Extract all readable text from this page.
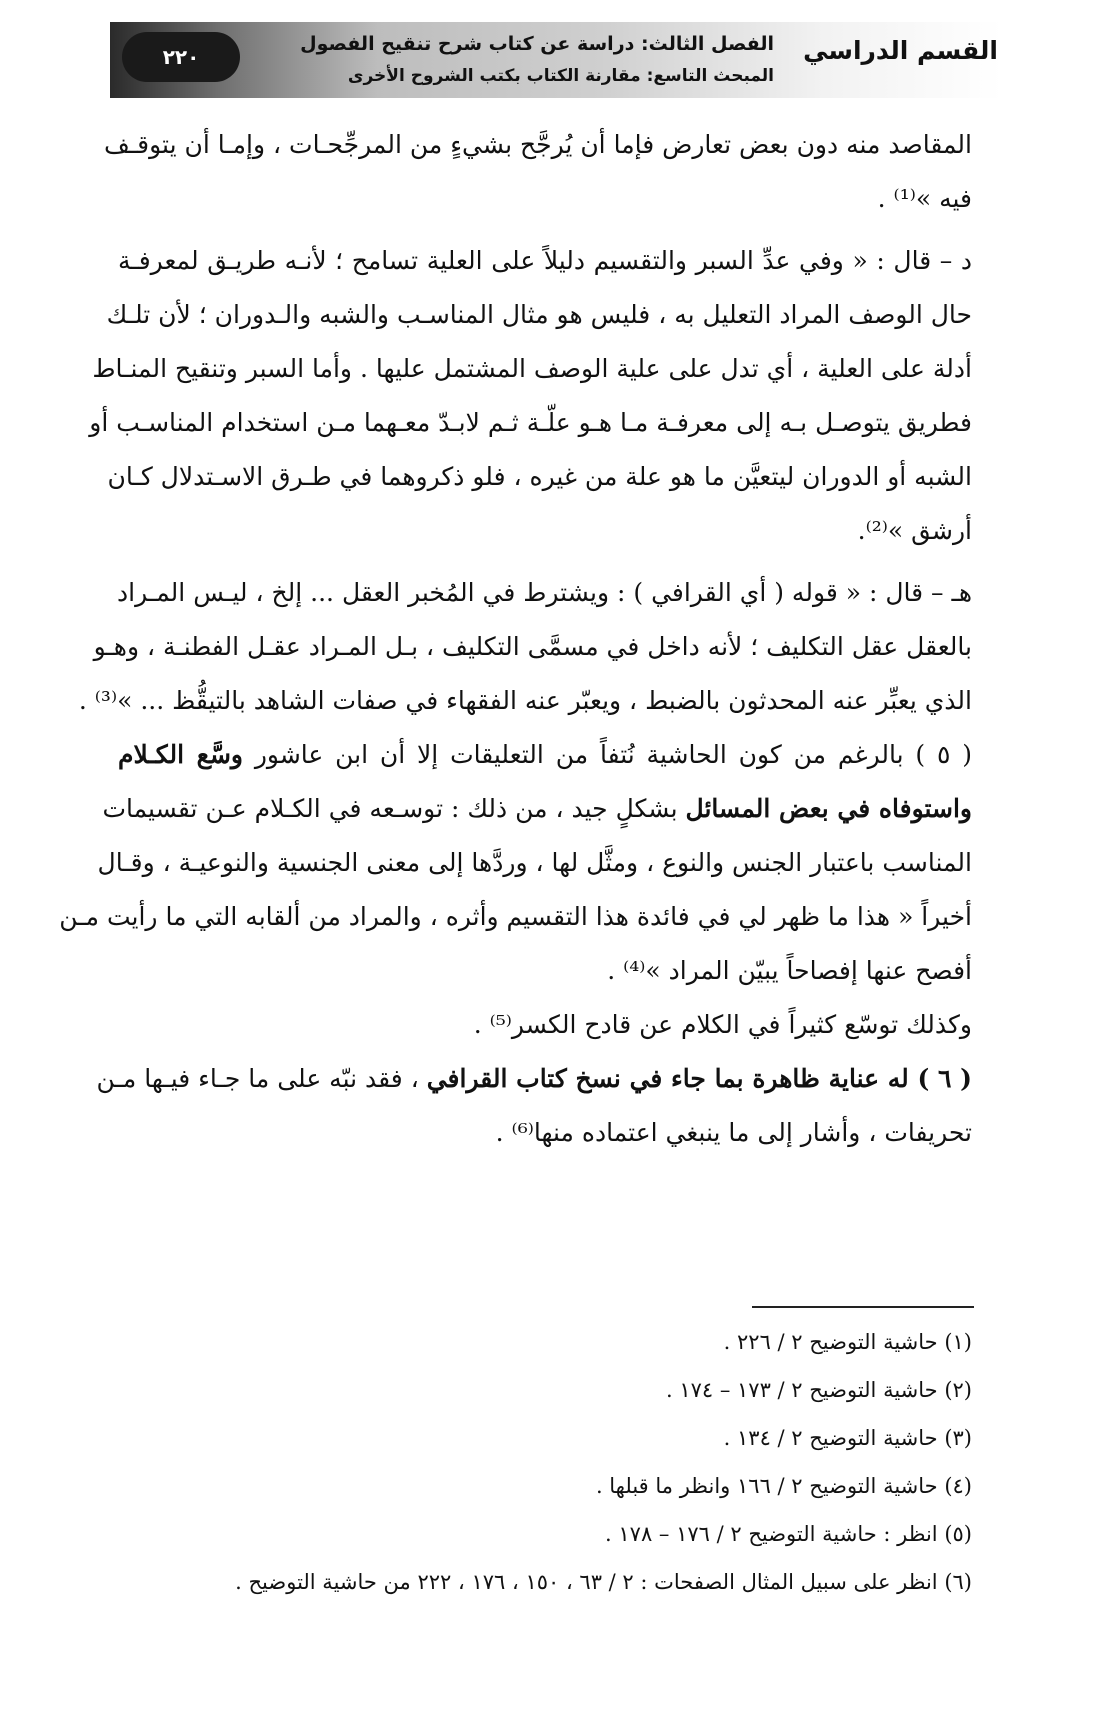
القسم الدراسي
الفصل الثالث: دراسة عن كتاب شرح تنقيح الفصول
المبحث التاسع: مقارنة الكتاب بكتب الشروح الأخرى
٢٢٠
المقاصد منه دون بعض تعارض فإما أن يُرجَّح بشيءٍ من المرجِّحـات ، وإمـا أن يتوقـف
فيه »⁽¹⁾ .
د – قال : « وفي عدِّ السبر والتقسيم دليلاً على العلية تسامح ؛ لأنـه طريـق لمعرفـة
حال الوصف المراد التعليل به ، فليس هو مثال المناسـب والشبه والـدوران ؛ لأن تلـك
أدلة على العلية ، أي تدل على علية الوصف المشتمل عليها . وأما السبر وتنقيح المنـاط
فطريق يتوصـل بـه إلى معرفـة مـا هـو علّـة ثـم لابـدّ معـهما مـن استخدام المناسـب أو
الشبه أو الدوران ليتعيَّن ما هو علة من غيره ، فلو ذكروهما في طـرق الاسـتدلال كـان
أرشق »⁽²⁾.
هـ – قال : « قوله ( أي القرافي ) : ويشترط في المُخبر العقل ... إلخ ، ليـس المـراد
بالعقل عقل التكليف ؛ لأنه داخل في مسمَّى التكليف ، بـل المـراد عقـل الفطنـة ، وهـو
الذي يعبِّر عنه المحدثون بالضبط ، ويعبّر عنه الفقهاء في صفات الشاهد بالتيقُّظ ... »⁽³⁾ .
( ٥ ) بالرغم من كون الحاشية نُتفاً من التعليقات إلا أن ابن عاشور وسَّع الكـلام
واستوفاه في بعض المسائل بشكلٍ جيد ، من ذلك : توسـعه في الكـلام عـن تقسيمات
المناسب باعتبار الجنس والنوع ، ومثَّل لها ، وردَّها إلى معنى الجنسية والنوعيـة ، وقـال
أخيراً « هذا ما ظهر لي في فائدة هذا التقسيم وأثره ، والمراد من ألقابه التي ما رأيت مـن
أفصح عنها إفصاحاً يبيّن المراد »⁽⁴⁾ .
وكذلك توسّع كثيراً في الكلام عن قادح الكسر⁽⁵⁾ .
( ٦ ) له عناية ظاهرة بما جاء في نسخ كتاب القرافي ، فقد نبّه على ما جـاء فيـها مـن
تحريفات ، وأشار إلى ما ينبغي اعتماده منها⁽⁶⁾ .
(١) حاشية التوضيح ٢ / ٢٢٦ .
(٢) حاشية التوضيح ٢ / ١٧٣ – ١٧٤ .
(٣) حاشية التوضيح ٢ / ١٣٤ .
(٤) حاشية التوضيح ٢ / ١٦٦ وانظر ما قبلها .
(٥) انظر : حاشية التوضيح ٢ / ١٧٦ – ١٧٨ .
(٦) انظر على سبيل المثال الصفحات : ٢ / ٦٣ ، ١٥٠ ، ١٧٦ ، ٢٢٢ من حاشية التوضيح .
